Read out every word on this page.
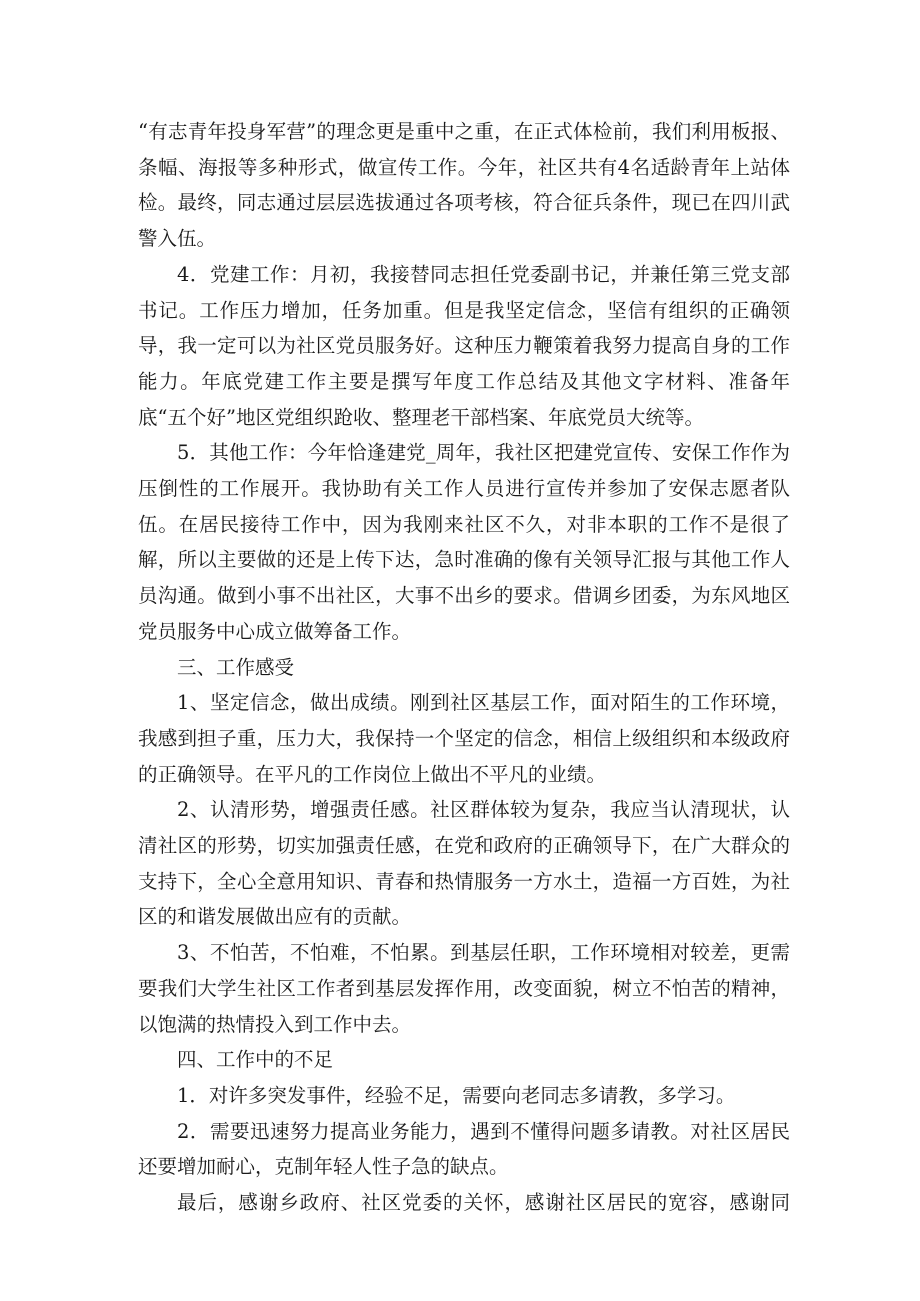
“有志青年投身军营”的理念更是重中之重，在正式体检前，我们利用板报、条幅、海报等多种形式，做宣传工作。今年，社区共有4名适龄青年上站体检。最终，同志通过层层选拔通过各项考核，符合征兵条件，现已在四川武警入伍。

4．党建工作：月初，我接替同志担任党委副书记，并兼任第三党支部书记。工作压力增加，任务加重。但是我坚定信念，坚信有组织的正确领导，我一定可以为社区党员服务好。这种压力鞭策着我努力提高自身的工作能力。年底党建工作主要是撰写年度工作总结及其他文字材料、准备年底“五个好”地区党组织跄收、整理老干部档案、年底党员大统等。

5．其他工作：今年恰逢建党_周年，我社区把建党宣传、安保工作作为压倒性的工作展开。我协助有关工作人员进行宣传并参加了安保志愿者队伍。在居民接待工作中，因为我刚来社区不久，对非本职的工作不是很了解，所以主要做的还是上传下达，急时准确的像有关领导汇报与其他工作人员沟通。做到小事不出社区，大事不出乡的要求。借调乡团委，为东风地区党员服务中心成立做筹备工作。

三、工作感受

1、坚定信念，做出成绩。刚到社区基层工作，面对陌生的工作环境，我感到担子重，压力大，我保持一个坚定的信念，相信上级组织和本级政府的正确领导。在平凡的工作岗位上做出不平凡的业绩。

2、认清形势，增强责任感。社区群体较为复杂，我应当认清现状，认清社区的形势，切实加强责任感，在党和政府的正确领导下，在广大群众的支持下，全心全意用知识、青春和热情服务一方水土，造福一方百姓，为社区的和谐发展做出应有的贡献。

3、不怕苦，不怕难，不怕累。到基层任职，工作环境相对较差，更需要我们大学生社区工作者到基层发挥作用，改变面貌，树立不怕苦的精神，以饱满的热情投入到工作中去。

四、工作中的不足

1．对许多突发事件，经验不足，需要向老同志多请教，多学习。

2．需要迅速努力提高业务能力，遇到不懂得问题多请教。对社区居民还要增加耐心，克制年轻人性子急的缺点。

最后，感谢乡政府、社区党委的关怀，感谢社区居民的宽容，感谢同
